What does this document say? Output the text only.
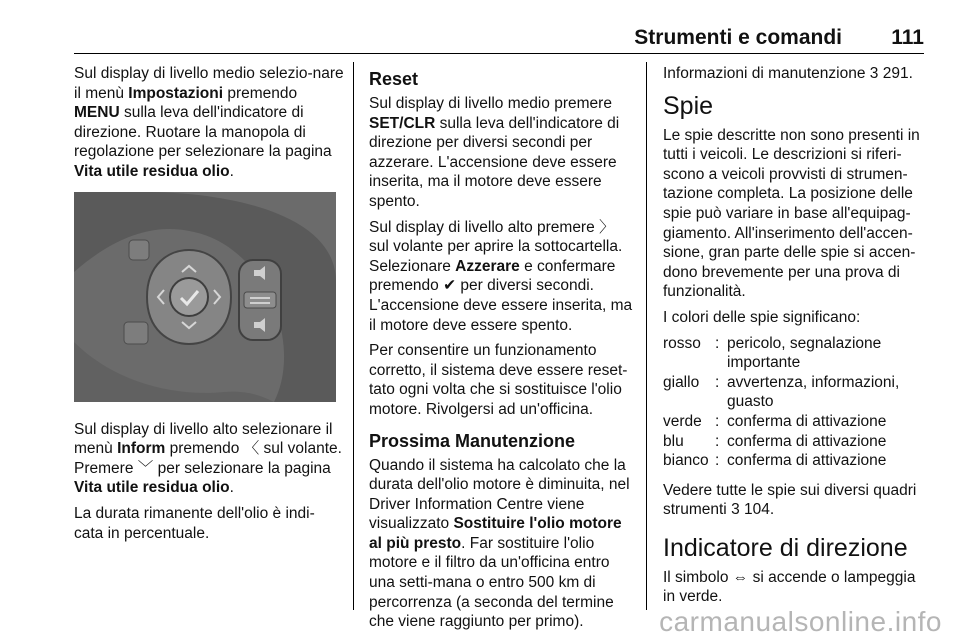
Strumenti e comandi 111

Sul display di livello medio selezio-nare il menù Impostazioni premendo MENU sulla leva dell'indicatore di direzione. Ruotare la manopola di regolazione per selezionare la pagina Vita utile residua olio.

Sul display di livello alto selezionare il menù Inform premendo 〈 sul volante. Premere ﹀ per selezionare la pagina Vita utile residua olio.

La durata rimanente dell'olio è indi-cata in percentuale.

Reset

Sul display di livello medio premere SET/CLR sulla leva dell'indicatore di direzione per diversi secondi per azzerare. L'accensione deve essere inserita, ma il motore deve essere spento.

Sul display di livello alto premere 〉 sul volante per aprire la sottocartella. Selezionare Azzerare e confermare premendo ✔ per diversi secondi. L'accensione deve essere inserita, ma il motore deve essere spento.

Per consentire un funzionamento corretto, il sistema deve essere reset-tato ogni volta che si sostituisce l'olio motore. Rivolgersi ad un'officina.

Prossima Manutenzione

Quando il sistema ha calcolato che la durata dell'olio motore è diminuita, nel Driver Information Centre viene visualizzato Sostituire l'olio motore al più presto. Far sostituire l'olio motore e il filtro da un'officina entro una setti-mana o entro 500 km di percorrenza (a seconda del termine che viene raggiunto per primo).

Informazioni di manutenzione 3 291.

Spie

Le spie descritte non sono presenti in tutti i veicoli. Le descrizioni si riferi-scono a veicoli provvisti di strumen-tazione completa. La posizione delle spie può variare in base all'equipag-giamento. All'inserimento dell'accen-sione, gran parte delle spie si accen-dono brevemente per una prova di funzionalità.

I colori delle spie significano:

rosso	:	pericolo, segnalazione importante
giallo	:	avvertenza, informazioni, guasto
verde	:	conferma di attivazione
blu	:	conferma di attivazione
bianco	:	conferma di attivazione

Vedere tutte le spie sui diversi quadri strumenti 3 104.

Indicatore di direzione

Il simbolo ⇔ si accende o lampeggia in verde.

carmanualsonline.info
